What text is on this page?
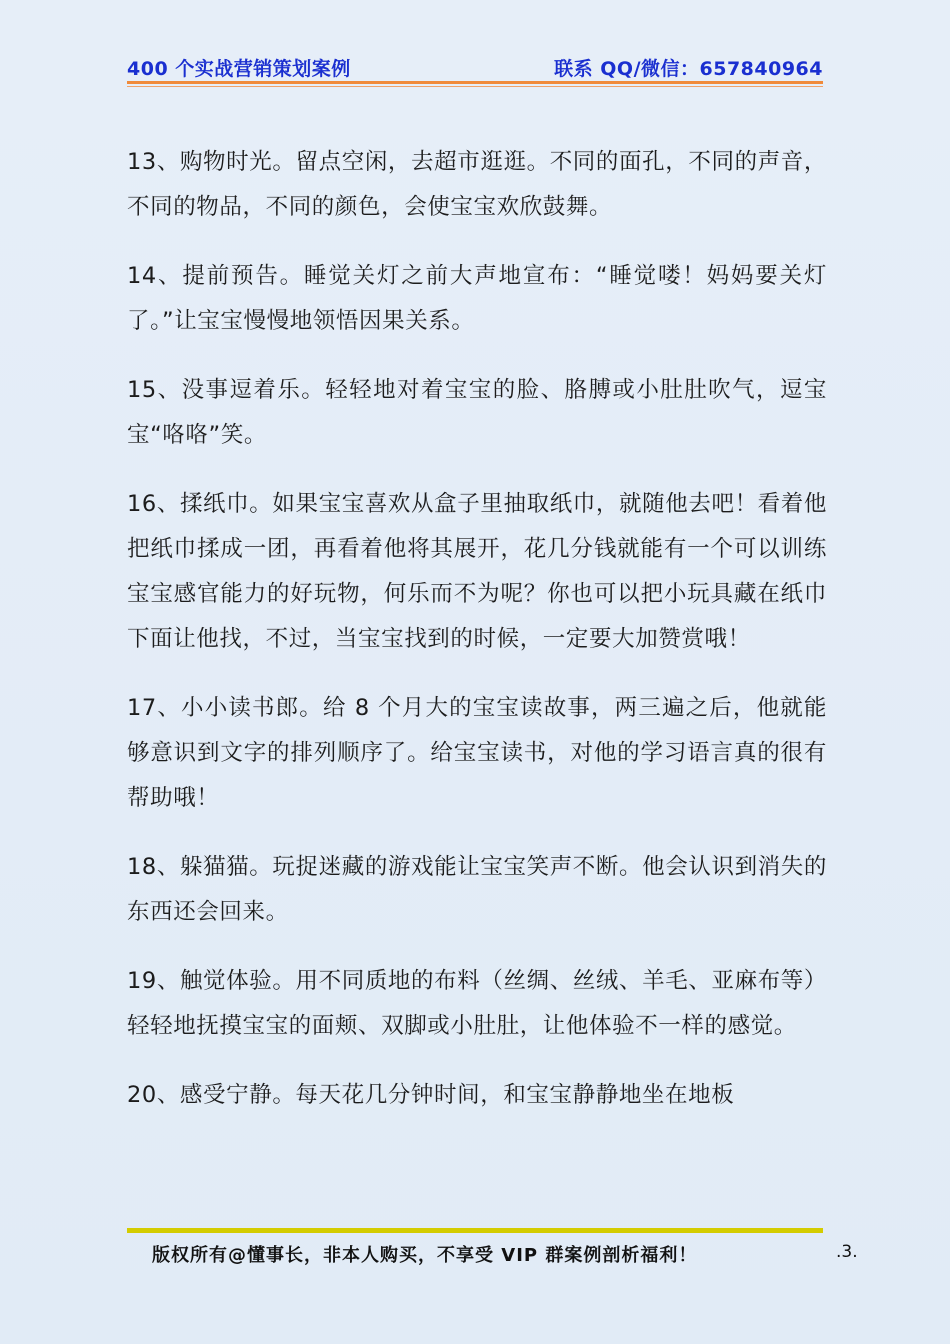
400 个实战营销策划案例	联系 QQ/微信：657840964

13、购物时光。留点空闲，去超市逛逛。不同的面孔，不同的声音，不同的物品，不同的颜色，会使宝宝欢欣鼓舞。

14、提前预告。睡觉关灯之前大声地宣布：“睡觉喽！妈妈要关灯了。”让宝宝慢慢地领悟因果关系。

15、没事逗着乐。轻轻地对着宝宝的脸、胳膊或小肚肚吹气，逗宝宝“咯咯”笑。

16、揉纸巾。如果宝宝喜欢从盒子里抽取纸巾，就随他去吧！看着他把纸巾揉成一团，再看着他将其展开，花几分钱就能有一个可以训练宝宝感官能力的好玩物，何乐而不为呢？你也可以把小玩具藏在纸巾下面让他找，不过，当宝宝找到的时候，一定要大加赞赏哦！

17、小小读书郎。给 8 个月大的宝宝读故事，两三遍之后，他就能够意识到文字的排列顺序了。给宝宝读书，对他的学习语言真的很有帮助哦！

18、躲猫猫。玩捉迷藏的游戏能让宝宝笑声不断。他会认识到消失的东西还会回来。

19、触觉体验。用不同质地的布料（丝绸、丝绒、羊毛、亚麻布等）轻轻地抚摸宝宝的面颊、双脚或小肚肚，让他体验不一样的感觉。

20、感受宁静。每天花几分钟时间，和宝宝静静地坐在地板

版权所有@懂事长，非本人购买，不享受 VIP 群案例剖析福利！	.3.
